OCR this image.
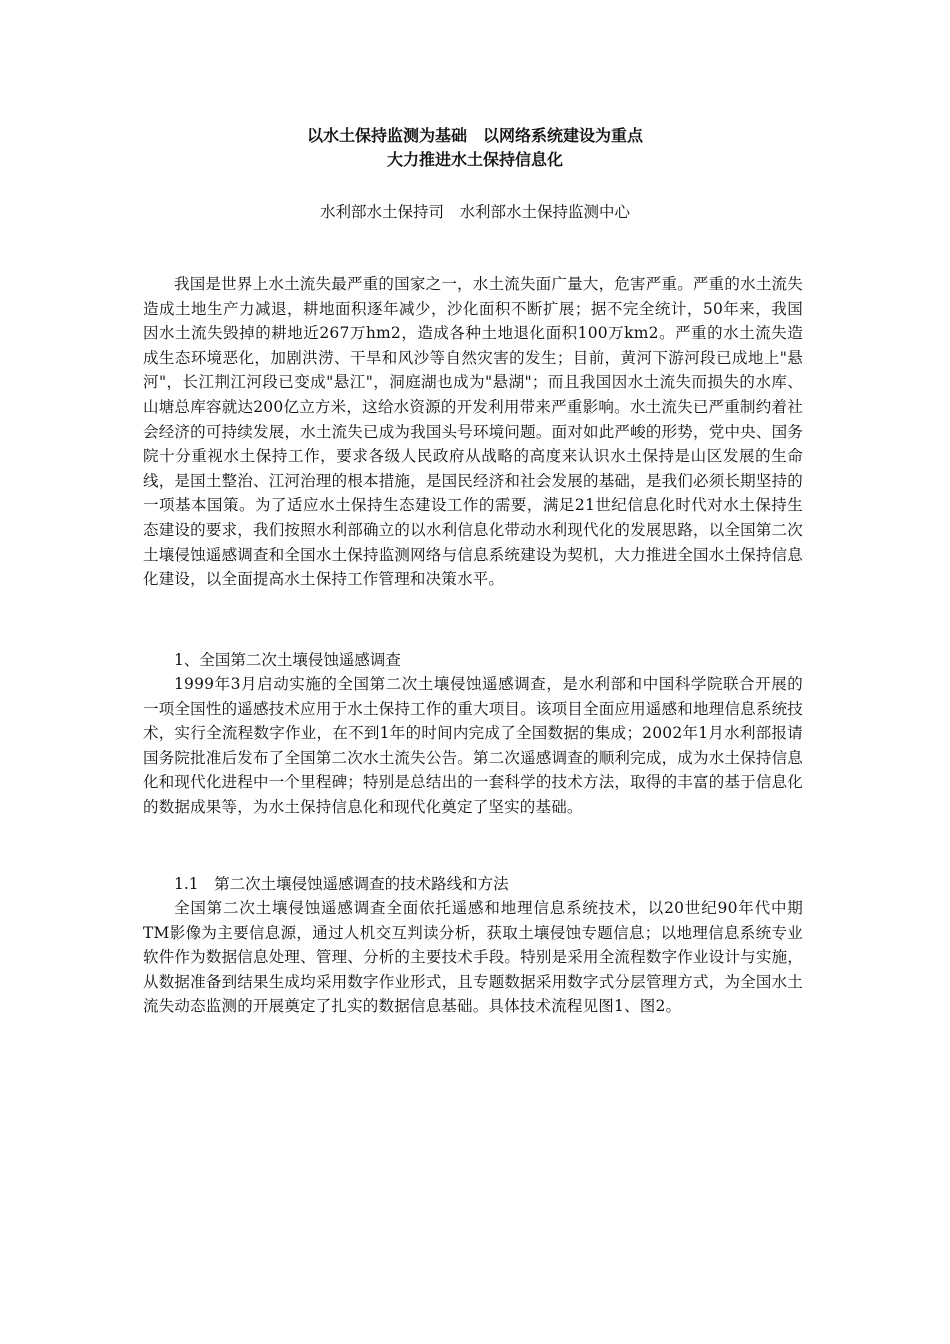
以水土保持监测为基础　以网络系统建设为重点
大力推进水土保持信息化

水利部水土保持司　水利部水土保持监测中心

我国是世界上水土流失最严重的国家之一，水土流失面广量大，危害严重。严重的水土流失造成土地生产力减退，耕地面积逐年减少，沙化面积不断扩展；据不完全统计，50年来，我国因水土流失毁掉的耕地近267万hm2，造成各种土地退化面积100万km2。严重的水土流失造成生态环境恶化，加剧洪涝、干旱和风沙等自然灾害的发生；目前，黄河下游河段已成地上"悬河"，长江荆江河段已变成"悬江"，洞庭湖也成为"悬湖"；而且我国因水土流失而损失的水库、山塘总库容就达200亿立方米，这给水资源的开发利用带来严重影响。水土流失已严重制约着社会经济的可持续发展，水土流失已成为我国头号环境问题。面对如此严峻的形势，党中央、国务院十分重视水土保持工作，要求各级人民政府从战略的高度来认识水土保持是山区发展的生命线，是国土整治、江河治理的根本措施，是国民经济和社会发展的基础，是我们必须长期坚持的一项基本国策。为了适应水土保持生态建设工作的需要，满足21世纪信息化时代对水土保持生态建设的要求，我们按照水利部确立的以水利信息化带动水利现代化的发展思路，以全国第二次土壤侵蚀遥感调查和全国水土保持监测网络与信息系统建设为契机，大力推进全国水土保持信息化建设，以全面提高水土保持工作管理和决策水平。

1、全国第二次土壤侵蚀遥感调查

1999年3月启动实施的全国第二次土壤侵蚀遥感调查，是水利部和中国科学院联合开展的一项全国性的遥感技术应用于水土保持工作的重大项目。该项目全面应用遥感和地理信息系统技术，实行全流程数字作业，在不到1年的时间内完成了全国数据的集成；2002年1月水利部报请国务院批准后发布了全国第二次水土流失公告。第二次遥感调查的顺利完成，成为水土保持信息化和现代化进程中一个里程碑；特别是总结出的一套科学的技术方法，取得的丰富的基于信息化的数据成果等，为水土保持信息化和现代化奠定了坚实的基础。

1.1　第二次土壤侵蚀遥感调查的技术路线和方法

全国第二次土壤侵蚀遥感调查全面依托遥感和地理信息系统技术，以20世纪90年代中期TM影像为主要信息源，通过人机交互判读分析，获取土壤侵蚀专题信息；以地理信息系统专业软件作为数据信息处理、管理、分析的主要技术手段。特别是采用全流程数字作业设计与实施，从数据准备到结果生成均采用数字作业形式，且专题数据采用数字式分层管理方式，为全国水土流失动态监测的开展奠定了扎实的数据信息基础。具体技术流程见图1、图2。
